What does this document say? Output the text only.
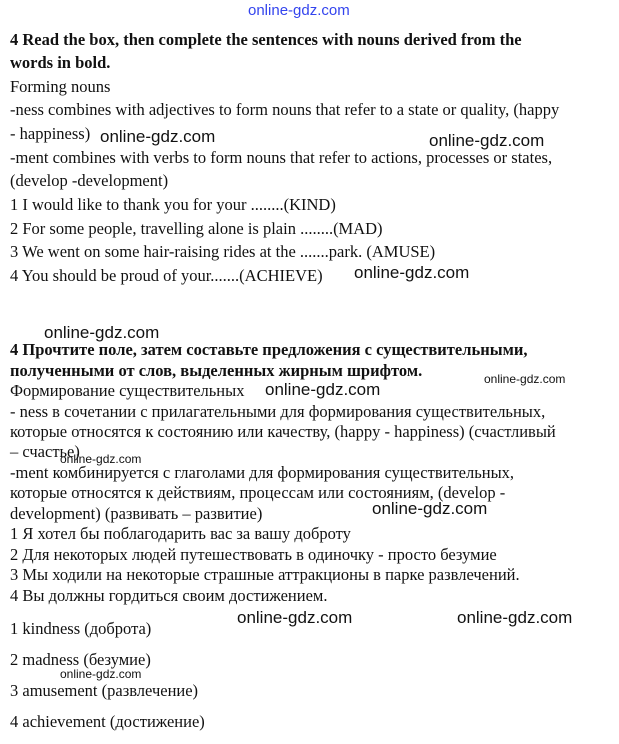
4 Read the box, then complete the sentences with nouns derived from the

words in bold.

Forming nouns

-ness combines with adjectives to form nouns that refer to a state or quality, (happy

- happiness)

-ment combines with verbs to form nouns that refer to actions, processes or states,

(develop -development)

1 I would like to thank you for your ........(KIND)

2 For some people, travelling alone is plain ........(MAD)

3 We went on some hair-raising rides at the .......park. (AMUSE)

4 You should be proud of your.......(ACHIEVE)

4 Прочтите поле, затем составьте предложения с существительными,

полученными от слов, выделенных жирным шрифтом.

Формирование существительных

- ness в сочетании с прилагательными для формирования существительных,

которые относятся к состоянию или качеству, (happy - happiness) (счастливый

– счастье)

-ment комбинируется с глаголами для формирования существительных,

которые относятся к действиям, процессам или состояниям, (develop -

development) (развивать – развитие)

1 Я хотел бы поблагодарить вас за вашу доброту

2 Для некоторых людей путешествовать в одиночку - просто безумие

3 Мы ходили на некоторые страшные аттракционы в парке развлечений.

4 Вы должны гордиться своим достижением.

1 kindness (доброта)

2 madness (безумие)

3 amusement (развлечение)

4 achievement (достижение)

online-gdz.com
online-gdz.com	online-gdz.com
online-gdz.com
online-gdz.com
online-gdz.com
online-gdz.com
online-gdz.com
online-gdz.com
online-gdz.com	online-gdz.com
online-gdz.com
